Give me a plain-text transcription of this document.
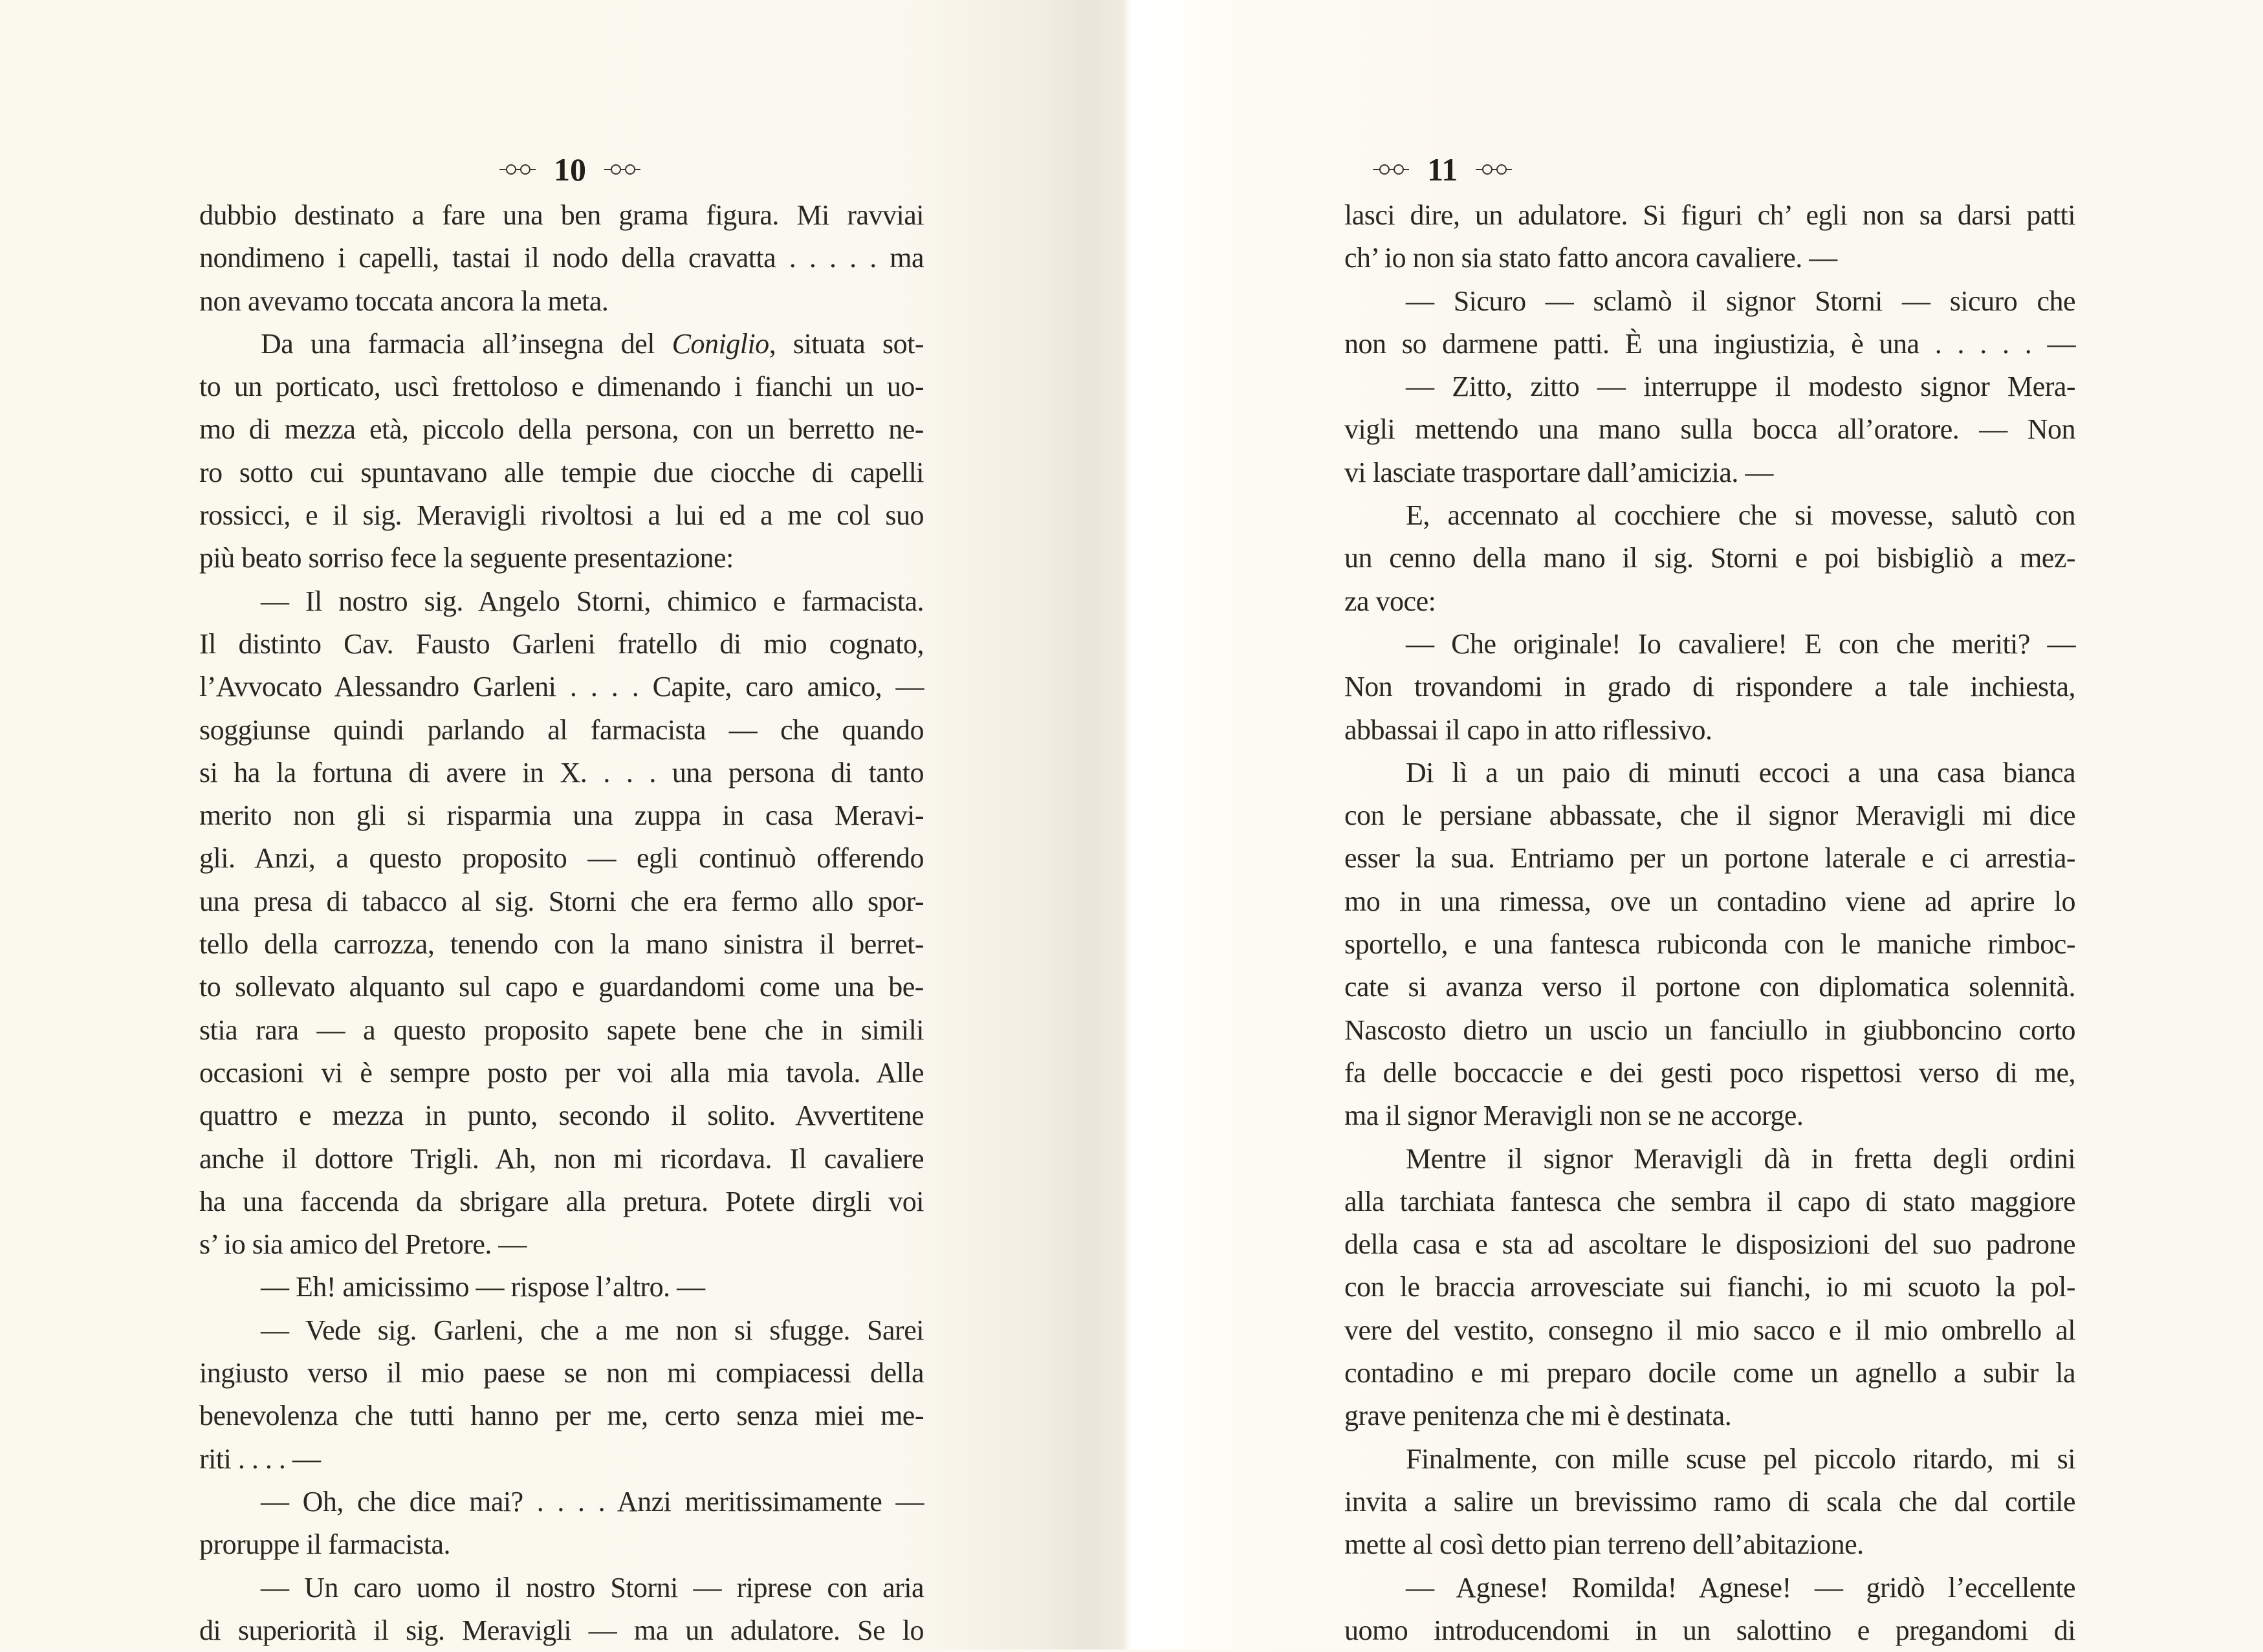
10	11
dubbio destinato a fare una ben grama figura. Mi ravviai
nondimeno i capelli, tastai il nodo della cravatta . . . . . ma
non avevamo toccata ancora la meta.
Da una farmacia all’insegna del Coniglio, situata sot-
to un porticato, uscì frettoloso e dimenando i fianchi un uo-
mo di mezza età, piccolo della persona, con un berretto ne-
ro sotto cui spuntavano alle tempie due ciocche di capelli
rossicci, e il sig. Meravigli rivoltosi a lui ed a me col suo
più beato sorriso fece la seguente presentazione:
— Il nostro sig. Angelo Storni, chimico e farmacista.
Il distinto Cav. Fausto Garleni fratello di mio cognato,
l’Avvocato Alessandro Garleni . . . . Capite, caro amico, —
soggiunse quindi parlando al farmacista — che quando
si ha la fortuna di avere in X. . . . una persona di tanto
merito non gli si risparmia una zuppa in casa Meravi-
gli. Anzi, a questo proposito — egli continuò offerendo
una presa di tabacco al sig. Storni che era fermo allo spor-
tello della carrozza, tenendo con la mano sinistra il berret-
to sollevato alquanto sul capo e guardandomi come una be-
stia rara — a questo proposito sapete bene che in simili
occasioni vi è sempre posto per voi alla mia tavola. Alle
quattro e mezza in punto, secondo il solito. Avvertitene
anche il dottore Trigli. Ah, non mi ricordava. Il cavaliere
ha una faccenda da sbrigare alla pretura. Potete dirgli voi
s’ io sia amico del Pretore. —
— Eh! amicissimo — rispose l’altro. —
— Vede sig. Garleni, che a me non si sfugge. Sarei
ingiusto verso il mio paese se non mi compiacessi della
benevolenza che tutti hanno per me, certo senza miei me-
riti . . . . —
— Oh, che dice mai? . . . . Anzi meritissimamente —
proruppe il farmacista.
— Un caro uomo il nostro Storni — riprese con aria
di superiorità il sig. Meravigli — ma un adulatore. Se lo
lasci dire, un adulatore. Si figuri ch’ egli non sa darsi patti
ch’ io non sia stato fatto ancora cavaliere. —
— Sicuro — sclamò il signor Storni — sicuro che
non so darmene patti. È una ingiustizia, è una . . . . . —
— Zitto, zitto — interruppe il modesto signor Mera-
vigli mettendo una mano sulla bocca all’oratore. — Non
vi lasciate trasportare dall’amicizia. —
E, accennato al cocchiere che si movesse, salutò con
un cenno della mano il sig. Storni e poi bisbigliò a mez-
za voce:
— Che originale! Io cavaliere! E con che meriti? —
Non trovandomi in grado di rispondere a tale inchiesta,
abbassai il capo in atto riflessivo.
Di lì a un paio di minuti eccoci a una casa bianca
con le persiane abbassate, che il signor Meravigli mi dice
esser la sua. Entriamo per un portone laterale e ci arrestia-
mo in una rimessa, ove un contadino viene ad aprire lo
sportello, e una fantesca rubiconda con le maniche rimboc-
cate si avanza verso il portone con diplomatica solennità.
Nascosto dietro un uscio un fanciullo in giubboncino corto
fa delle boccaccie e dei gesti poco rispettosi verso di me,
ma il signor Meravigli non se ne accorge.
Mentre il signor Meravigli dà in fretta degli ordini
alla tarchiata fantesca che sembra il capo di stato maggiore
della casa e sta ad ascoltare le disposizioni del suo padrone
con le braccia arrovesciate sui fianchi, io mi scuoto la pol-
vere del vestito, consegno il mio sacco e il mio ombrello al
contadino e mi preparo docile come un agnello a subir la
grave penitenza che mi è destinata.
Finalmente, con mille scuse pel piccolo ritardo, mi si
invita a salire un brevissimo ramo di scala che dal cortile
mette al così detto pian terreno dell’abitazione.
— Agnese! Romilda! Agnese! — gridò l’eccellente
uomo introducendomi in un salottino e pregandomi di
